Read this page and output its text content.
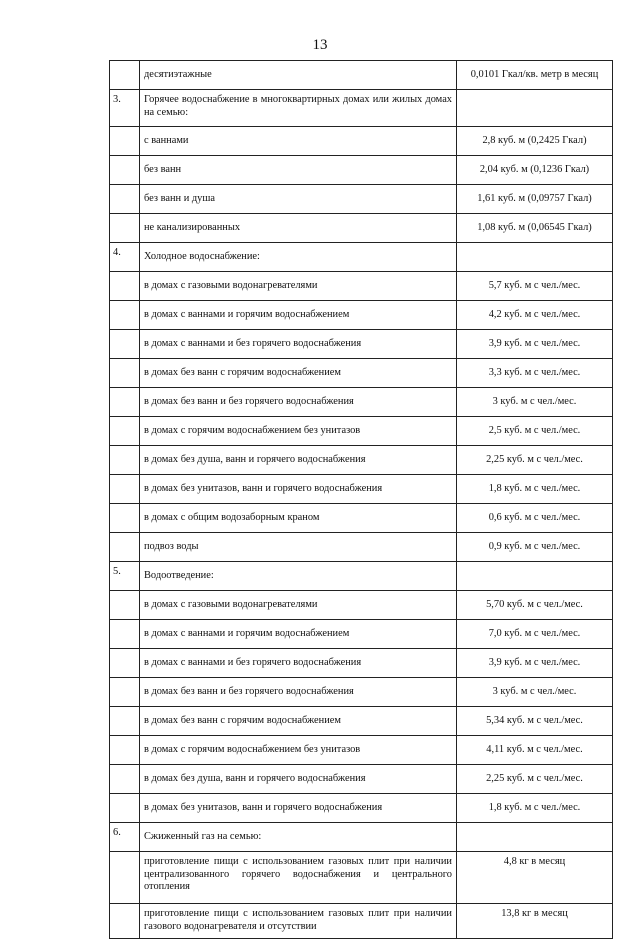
13
	десятиэтажные	0,0101 Гкал/кв. метр в месяц
3.	Горячее водоснабжение в многоквартирных домах или жилых домах на семью:	
	с ваннами	2,8 куб. м (0,2425 Гкал)
	без ванн	2,04 куб. м (0,1236 Гкал)
	без ванн и душа	1,61 куб. м (0,09757 Гкал)
	не канализированных	1,08 куб. м (0,06545 Гкал)
4.	Холодное водоснабжение:	
	в домах с газовыми водонагревателями	5,7 куб. м с чел./мес.
	в домах с ваннами и горячим водоснабжением	4,2 куб. м с чел./мес.
	в домах с ваннами и без горячего водоснабжения	3,9 куб. м с чел./мес.
	в домах без ванн с горячим водоснабжением	3,3 куб. м с чел./мес.
	в домах без ванн и без горячего водоснабжения	3 куб. м с чел./мес.
	в домах с горячим водоснабжением без унитазов	2,5 куб. м с чел./мес.
	в домах без душа, ванн и горячего водоснабжения	2,25 куб. м с чел./мес.
	в домах без унитазов, ванн и горячего водоснабжения	1,8 куб. м с чел./мес.
	в домах с общим водозаборным краном	0,6 куб. м с чел./мес.
	подвоз воды	0,9 куб. м с чел./мес.
5.	Водоотведение:	
	в домах с газовыми водонагревателями	5,70 куб. м с чел./мес.
	в домах с ваннами и горячим водоснабжением	7,0 куб. м с чел./мес.
	в домах с ваннами и без горячего водоснабжения	3,9 куб. м с чел./мес.
	в домах без ванн и без горячего водоснабжения	3 куб. м с чел./мес.
	в домах без ванн с горячим водоснабжением	5,34 куб. м с чел./мес.
	в домах с горячим водоснабжением без унитазов	4,11 куб. м с чел./мес.
	в домах без душа, ванн и горячего водоснабжения	2,25 куб. м с чел./мес.
	в домах без унитазов, ванн и горячего водоснабжения	1,8 куб. м с чел./мес.
6.	Сжиженный газ на семью:	
	приготовление пищи с использованием газовых плит при наличии централизованного горячего водоснабжения и центрального отопления	4,8 кг в месяц
	приготовление пищи с использованием газовых плит при наличии газового водонагревателя и отсутствии	13,8 кг в месяц
